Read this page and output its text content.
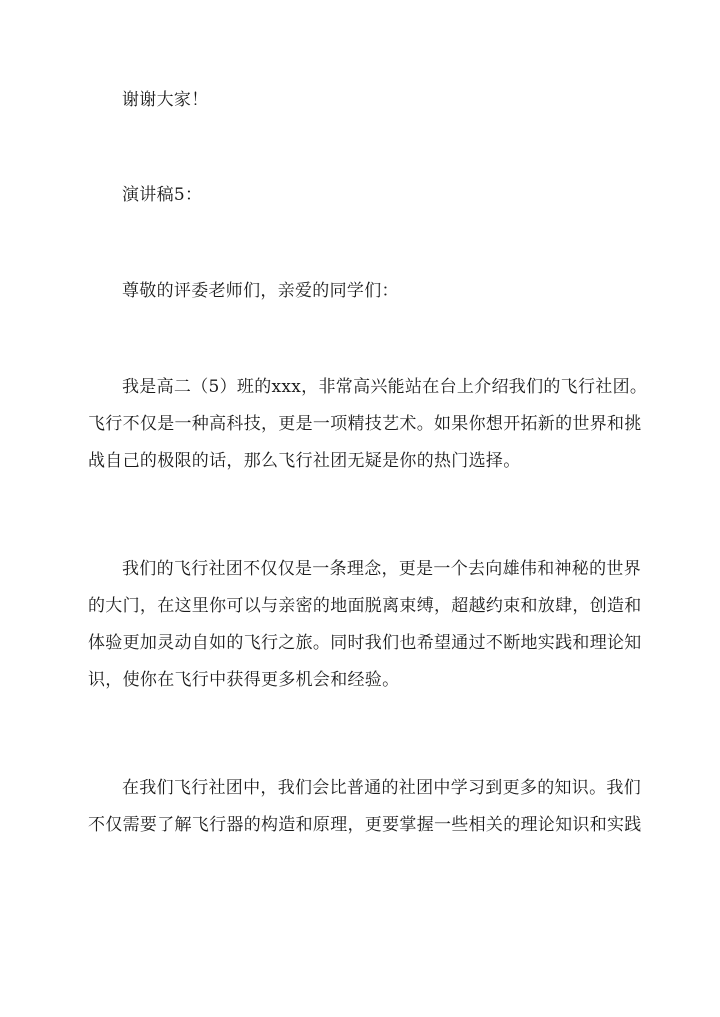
谢谢大家！

演讲稿5：

尊敬的评委老师们，亲爱的同学们：

我是高二（5）班的xxx，非常高兴能站在台上介绍我们的飞行社团。飞行不仅是一种高科技，更是一项精技艺术。如果你想开拓新的世界和挑战自己的极限的话，那么飞行社团无疑是你的热门选择。

我们的飞行社团不仅仅是一条理念，更是一个去向雄伟和神秘的世界的大门，在这里你可以与亲密的地面脱离束缚，超越约束和放肆，创造和体验更加灵动自如的飞行之旅。同时我们也希望通过不断地实践和理论知识，使你在飞行中获得更多机会和经验。

在我们飞行社团中，我们会比普通的社团中学习到更多的知识。我们不仅需要了解飞行器的构造和原理，更要掌握一些相关的理论知识和实践
